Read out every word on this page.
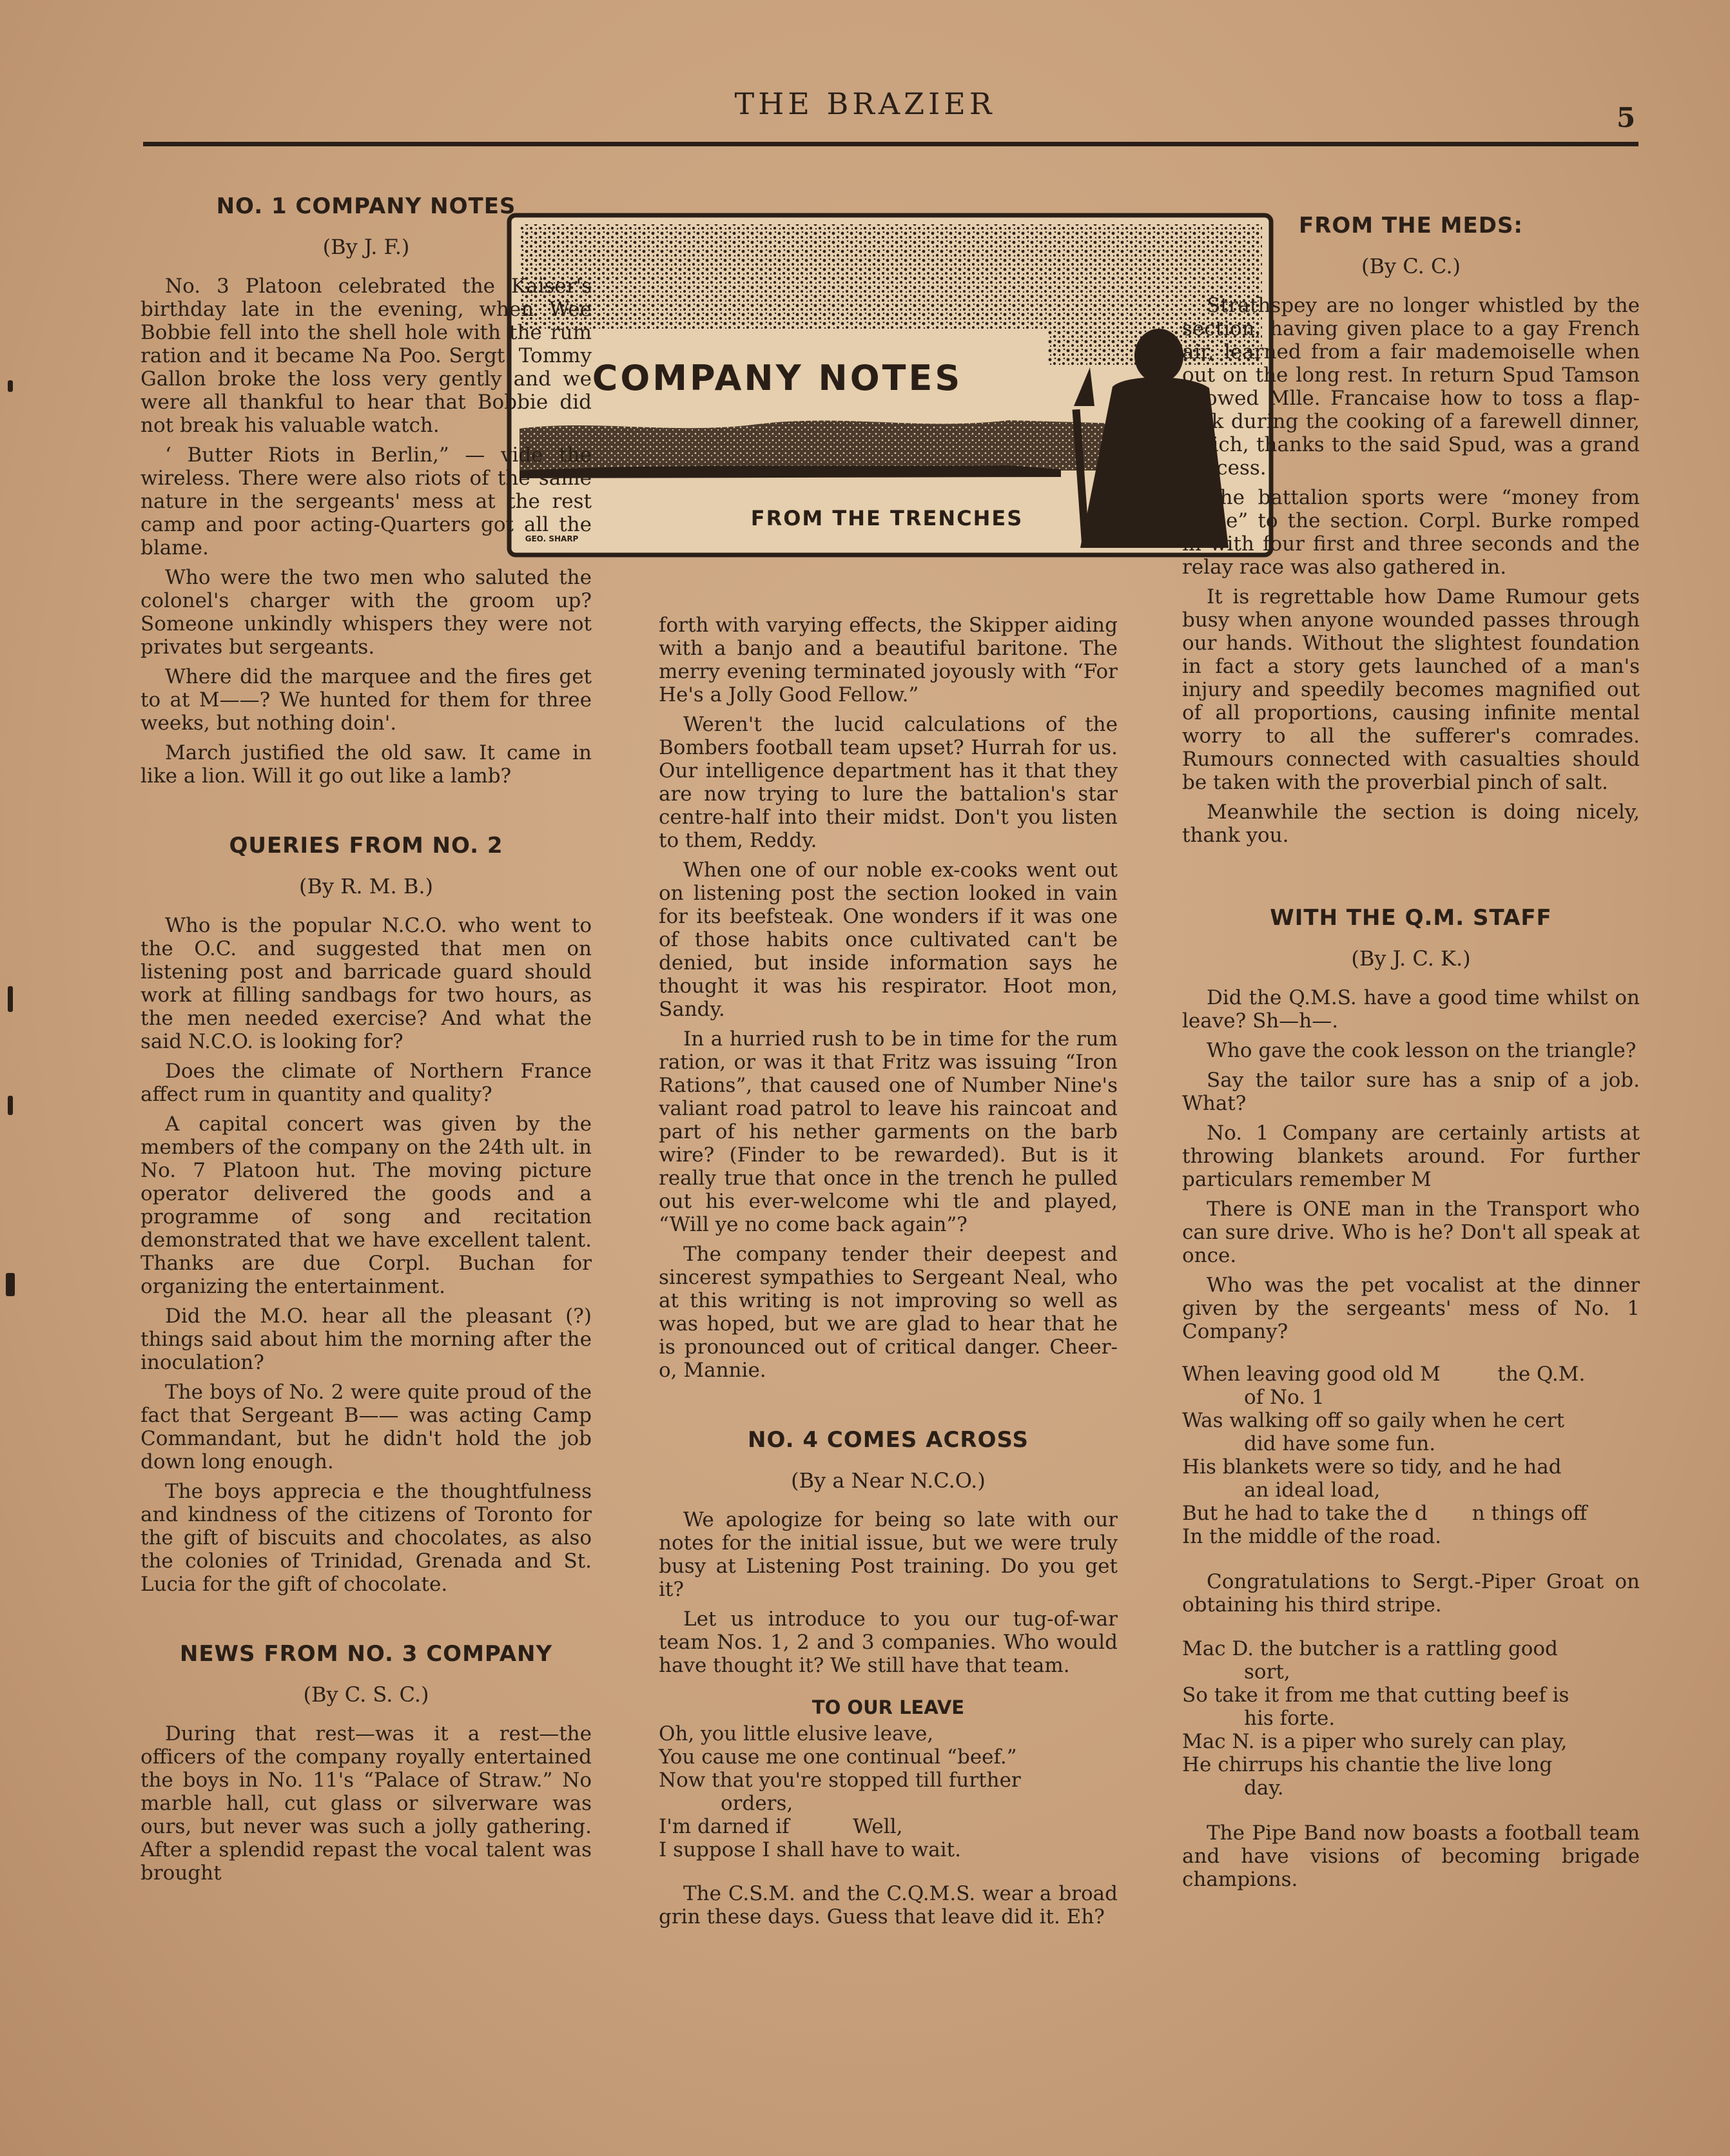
THE BRAZIER	5
COMPANY NOTES
FROM THE TRENCHES
GEO. SHARP
NO. 1 COMPANY NOTES
(By J. F.)

No. 3 Platoon celebrated the Kaiser's birthday late in the evening, when Wee Bobbie fell into the shell hole with the rum ration and it became Na Poo. Sergt. Tommy Gallon broke the loss very gently and we were all thankful to hear that Bobbie did not break his valuable watch.

‘ Butter Riots in Berlin,” — vide the wireless. There were also riots of the same nature in the sergeants' mess at the rest camp and poor acting-Quarters got all the blame.

Who were the two men who saluted the colonel's charger with the groom up? Someone unkindly whispers they were not privates but sergeants.

Where did the marquee and the fires get to at M——? We hunted for them for three weeks, but nothing doin'.

March justified the old saw. It came in like a lion. Will it go out like a lamb?

QUERIES FROM NO. 2
(By R. M. B.)

Who is the popular N.C.O. who went to the O.C. and suggested that men on listening post and barricade guard should work at filling sandbags for two hours, as the men needed exercise? And what the said N.C.O. is looking for?

Does the climate of Northern France affect rum in quantity and quality?

A capital concert was given by the members of the company on the 24th ult. in No. 7 Platoon hut. The moving picture operator delivered the goods and a programme of song and recitation demonstrated that we have excellent talent. Thanks are due Corpl. Buchan for organizing the entertainment.

Did the M.O. hear all the pleasant (?) things said about him the morning after the inoculation?

The boys of No. 2 were quite proud of the fact that Sergeant B—— was acting Camp Commandant, but he didn't hold the job down long enough.

The boys apprecia e the thoughtfulness and kindness of the citizens of Toronto for the gift of biscuits and chocolates, as also the colonies of Trinidad, Grenada and St. Lucia for the gift of chocolate.

NEWS FROM NO. 3 COMPANY
(By C. S. C.)

During that rest—was it a rest—the officers of the company royally entertained the boys in No. 11's “Palace of Straw.” No marble hall, cut glass or silverware was ours, but never was such a jolly gathering. After a splendid repast the vocal talent was brought

forth with varying effects, the Skipper aiding with a banjo and a beautiful baritone. The merry evening terminated joyously with “For He's a Jolly Good Fellow.”

Weren't the lucid calculations of the Bombers football team upset? Hurrah for us. Our intelligence department has it that they are now trying to lure the battalion's star centre-half into their midst. Don't you listen to them, Reddy.

When one of our noble ex-cooks went out on listening post the section looked in vain for its beefsteak. One wonders if it was one of those habits once cultivated can't be denied, but inside information says he thought it was his respirator. Hoot mon, Sandy.

In a hurried rush to be in time for the rum ration, or was it that Fritz was issuing “Iron Rations”, that caused one of Number Nine's valiant road patrol to leave his raincoat and part of his nether garments on the barb wire? (Finder to be rewarded). But is it really true that once in the trench he pulled out his ever-welcome whi tle and played, “Will ye no come back again”?

The company tender their deepest and sincerest sympathies to Sergeant Neal, who at this writing is not improving so well as was hoped, but we are glad to hear that he is pronounced out of critical danger. Cheer-o, Mannie.

NO. 4 COMES ACROSS
(By a Near N.C.O.)

We apologize for being so late with our notes for the initial issue, but we were truly busy at Listening Post training. Do you get it?

Let us introduce to you our tug-of-war team Nos. 1, 2 and 3 companies. Who would have thought it? We still have that team.

TO OUR LEAVE
Oh, you little elusive leave,
You cause me one continual “beef.”
Now that you're stopped till further
orders,
I'm darned if          Well,
I suppose I shall have to wait.

The C.S.M. and the C.Q.M.S. wear a broad grin these days. Guess that leave did it. Eh?

FROM THE MEDS:
(By C. C.)

Strathspey are no longer whistled by the section, having given place to a gay French air, learned from a fair mademoiselle when out on the long rest. In return Spud Tamson showed Mlle. Francaise how to toss a flap-jack during the cooking of a farewell dinner, which, thanks to the said Spud, was a grand success.

The battalion sports were “money from home” to the section. Corpl. Burke romped in with four first and three seconds and the relay race was also gathered in.

It is regrettable how Dame Rumour gets busy when anyone wounded passes through our hands. Without the slightest foundation in fact a story gets launched of a man's injury and speedily becomes magnified out of all proportions, causing infinite mental worry to all the sufferer's comrades. Rumours connected with casualties should be taken with the proverbial pinch of salt.

Meanwhile the section is doing nicely, thank you.

WITH THE Q.M. STAFF
(By J. C. K.)

Did the Q.M.S. have a good time whilst on leave? Sh—h—.

Who gave the cook lesson on the triangle?

Say the tailor sure has a snip of a job. What?

No. 1 Company are certainly artists at throwing blankets around. For further particulars remember M

There is ONE man in the Transport who can sure drive. Who is he? Don't all speak at once.

Who was the pet vocalist at the dinner given by the sergeants' mess of No. 1 Company?

When leaving good old M         the Q.M.
of No. 1
Was walking off so gaily when he cert
did have some fun.
His blankets were so tidy, and he had
an ideal load,
But he had to take the d       n things off
In the middle of the road.

Congratulations to Sergt.-Piper Groat on obtaining his third stripe.

Mac D. the butcher is a rattling good
sort,
So take it from me that cutting beef is
his forte.
Mac N. is a piper who surely can play,
He chirrups his chantie the live long
day.

The Pipe Band now boasts a football team and have visions of becoming brigade champions.
